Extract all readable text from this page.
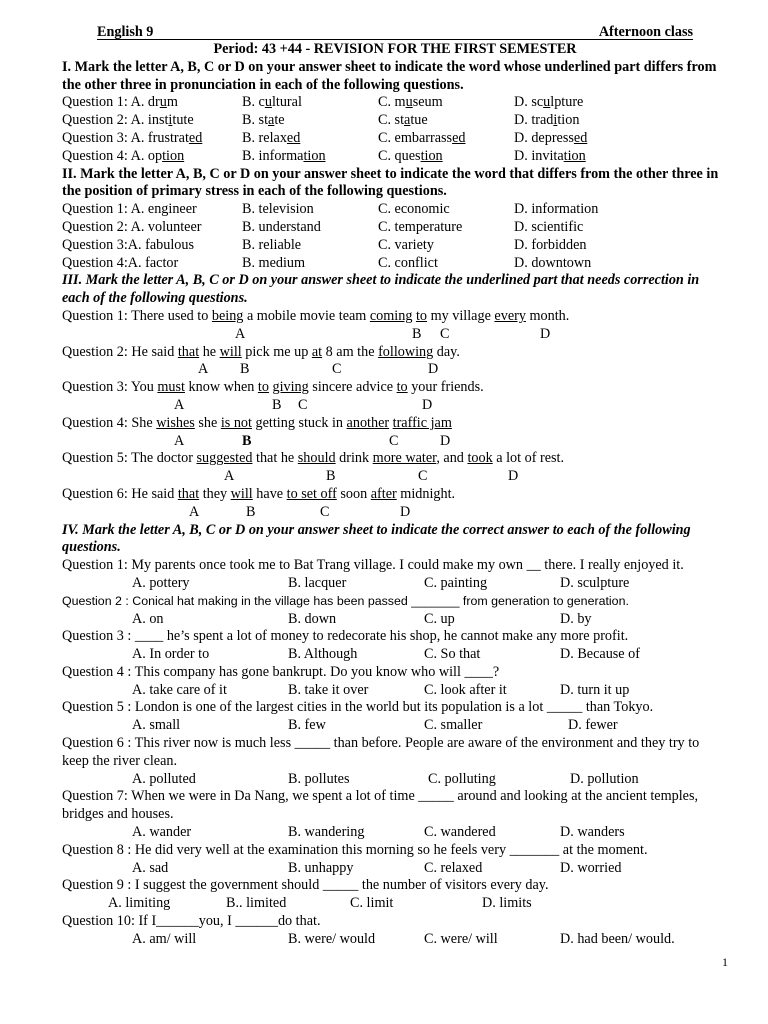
English 9	Afternoon class
Period: 43 +44 - REVISION FOR THE FIRST SEMESTER
I. Mark the letter A, B, C or D on your answer sheet to indicate the word whose underlined part differs from the other three in pronunciation in each of the following questions.
Question 1: A. drum	B. cultural	C. museum	D. sculpture
Question 2: A. institute	B. state	C. statue	D. tradition
Question 3: A. frustrated	B. relaxed	C. embarrassed	D. depressed
Question 4: A. option	B. information	C. question	D. invitation
II. Mark the letter A, B, C or D on your answer sheet to indicate the word that differs from the other three in the position of primary stress in each of the following questions.
Question 1: A. engineer	B. television	C. economic	D. information
Question 2: A. volunteer	B. understand	C. temperature	D. scientific
Question 3:A. fabulous	B. reliable	C. variety	D. forbidden
Question 4:A. factor	B. medium	C. conflict	D. downtown
III. Mark the letter A, B, C or D on your answer sheet to indicate the underlined part that needs correction in each of the following questions.
Question 1: There used to being a mobile movie team coming to my village every month.
A	B C	D
Question 2: He said that he will pick me up at 8 am the following day.
A B	C	D
Question 3: You must know when to giving sincere advice to your friends.
A	B C	D
Question 4: She wishes she is not getting stuck in another traffic jam
A	B	C	D
Question 5: The doctor suggested that he should drink more water, and took a lot of rest.
A	B	C	D
Question 6: He said that they will have to set off soon after midnight.
A	B	C	D
IV. Mark the letter A, B, C or D on your answer sheet to indicate the correct answer to each of the following questions.
Question 1: My parents once took me to Bat Trang village. I could make my own __ there. I really enjoyed it.
A. pottery	B. lacquer	C. painting	D. sculpture
Question 2 : Conical hat making in the village has been passed _______ from generation to generation.
A. on	B. down	C. up	D. by
Question 3 : ____ he’s spent a lot of money to redecorate his shop, he cannot make any more profit.
A. In order to	B. Although	C. So that	D. Because of
Question 4 : This company has gone bankrupt. Do you know who will ____?
A. take care of it	B. take it over	C. look after it	D. turn it up
Question 5 : London is one of the largest cities in the world but its population is a lot _____ than Tokyo.
A. small	B. few	C. smaller	D. fewer
Question 6 : This river now is much less _____ than before. People are aware of the environment and they try to keep the river clean.
A. polluted	B. pollutes	C. polluting	D. pollution
Question 7: When we were in Da Nang, we spent a lot of time _____ around and looking at the ancient temples, bridges and houses.
A. wander	B. wandering	C. wandered	D. wanders
Question 8 : He did very well at the examination this morning so he feels very _______ at the moment.
A. sad	B. unhappy	C. relaxed	D. worried
Question 9 : I suggest the government should _____ the number of visitors every day.
A. limiting	B.. limited	C. limit	D. limits
Question 10: If I______you, I ______do that.
A. am/ will	B. were/ would	C. were/ will	D. had been/ would.
1
